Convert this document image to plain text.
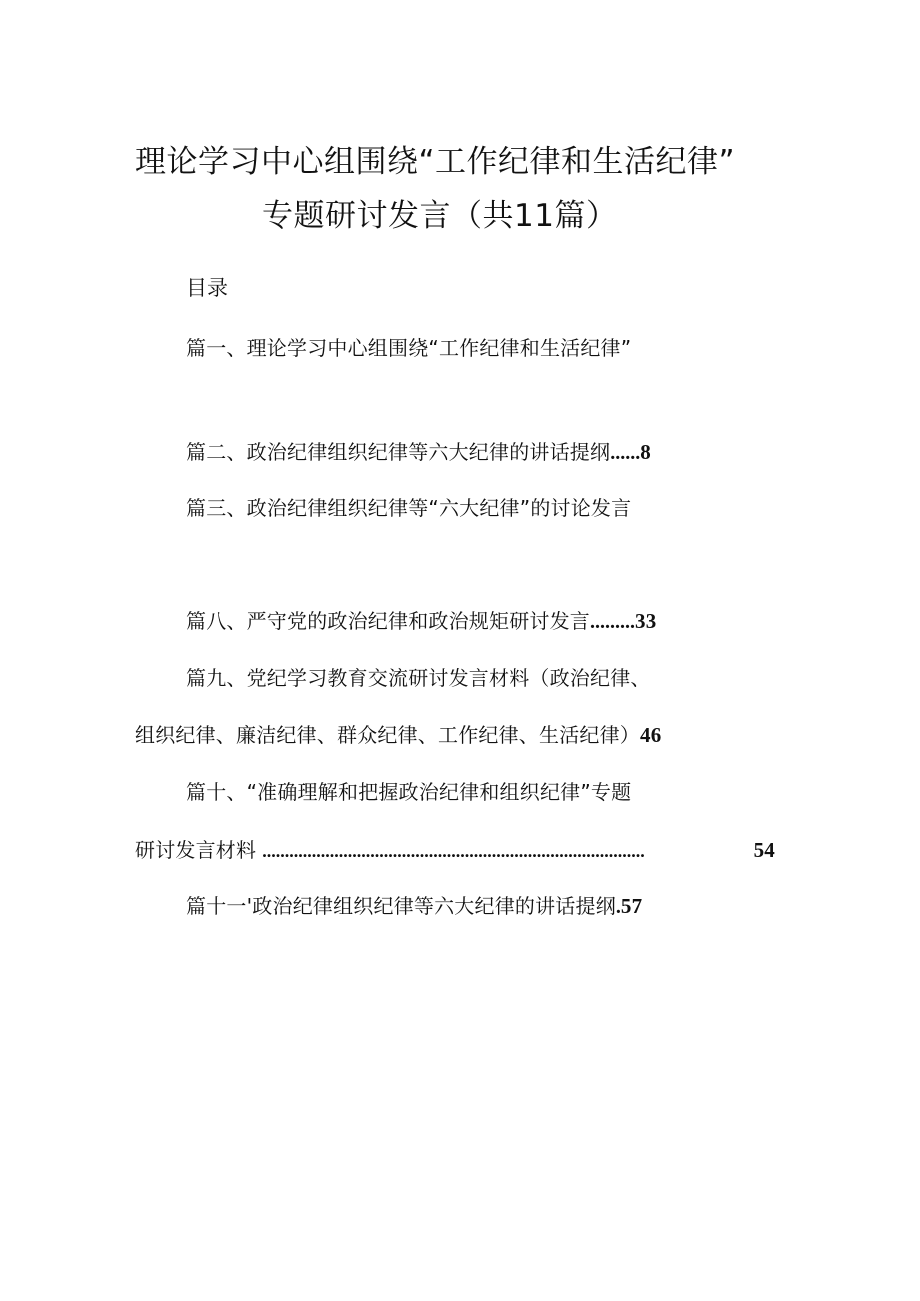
理论学习中心组围绕“工作纪律和生活纪律”
专题研讨发言（共11篇）
目录
篇一、理论学习中心组围绕“工作纪律和生活纪律”
篇二、政治纪律组织纪律等六大纪律的讲话提纲......8
篇三、政治纪律组织纪律等“六大纪律”的讨论发言
篇八、严守党的政治纪律和政治规矩研讨发言.........33
篇九、党纪学习教育交流研讨发言材料（政治纪律、
组织纪律、廉洁纪律、群众纪律、工作纪律、生活纪律）46
篇十、“准确理解和把握政治纪律和组织纪律”专题
研讨发言材料 .....................................................................................	54
篇十一'政治纪律组织纪律等六大纪律的讲话提纲.57
